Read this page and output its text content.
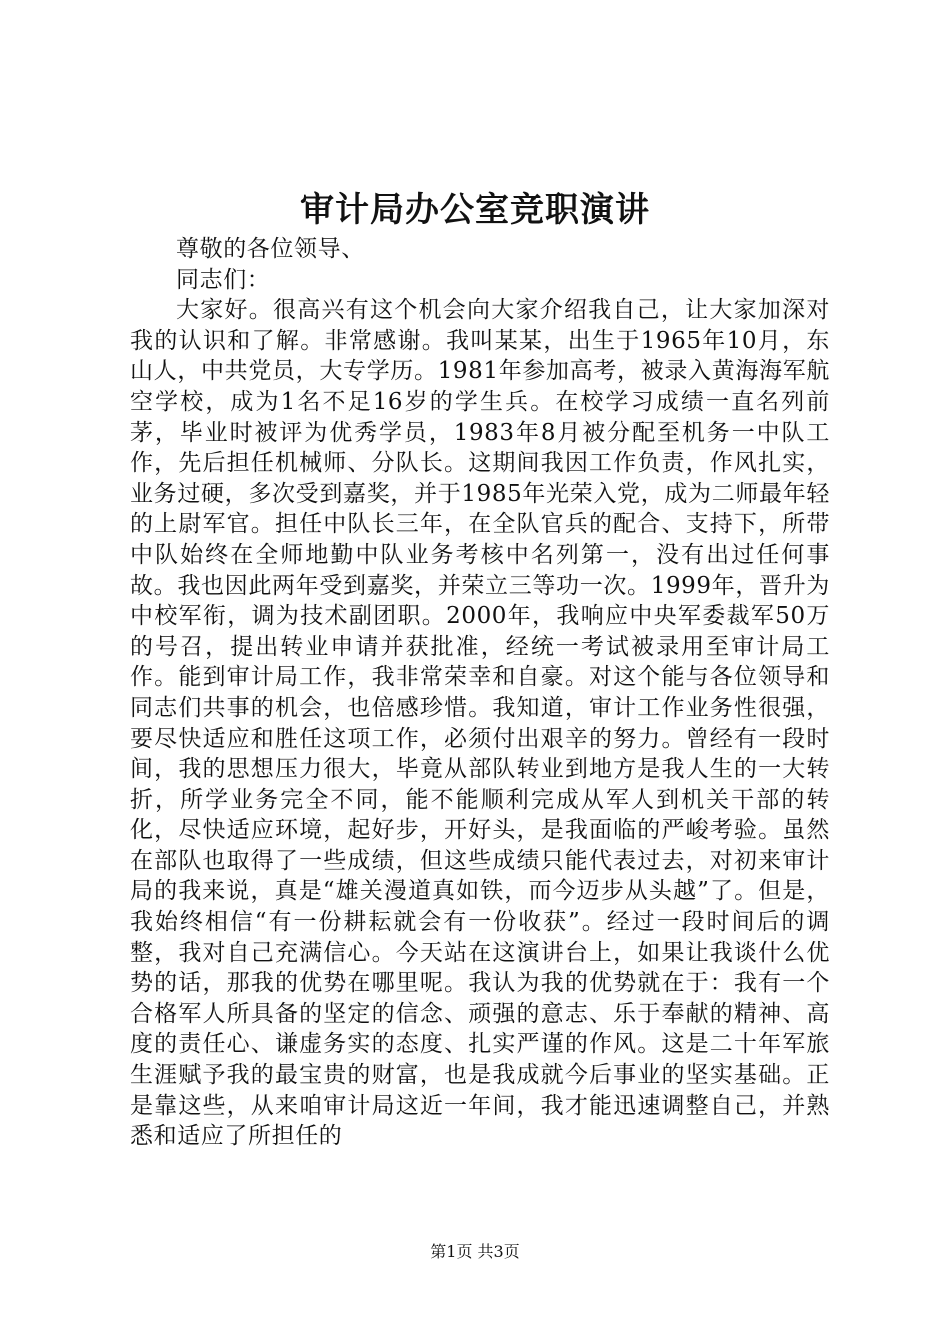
审计局办公室竞职演讲

尊敬的各位领导、

同志们：

大家好。很高兴有这个机会向大家介绍我自己，让大家加深对我的认识和了解。非常感谢。我叫某某，出生于1965年10月，东山人，中共党员，大专学历。1981年参加高考，被录入黄海海军航空学校，成为1名不足16岁的学生兵。在校学习成绩一直名列前茅，毕业时被评为优秀学员，1983年8月被分配至机务一中队工作，先后担任机械师、分队长。这期间我因工作负责，作风扎实，业务过硬，多次受到嘉奖，并于1985年光荣入党，成为二师最年轻的上尉军官。担任中队长三年，在全队官兵的配合、支持下，所带中队始终在全师地勤中队业务考核中名列第一，没有出过任何事故。我也因此两年受到嘉奖，并荣立三等功一次。1999年，晋升为中校军衔，调为技术副团职。2000年，我响应中央军委裁军50万的号召，提出转业申请并获批准，经统一考试被录用至审计局工作。能到审计局工作，我非常荣幸和自豪。对这个能与各位领导和同志们共事的机会，也倍感珍惜。我知道，审计工作业务性很强，要尽快适应和胜任这项工作，必须付出艰辛的努力。曾经有一段时间，我的思想压力很大，毕竟从部队转业到地方是我人生的一大转折，所学业务完全不同，能不能顺利完成从军人到机关干部的转化，尽快适应环境，起好步，开好头，是我面临的严峻考验。虽然在部队也取得了一些成绩，但这些成绩只能代表过去，对初来审计局的我来说，真是“雄关漫道真如铁，而今迈步从头越”了。但是，我始终相信“有一份耕耘就会有一份收获”。经过一段时间后的调整，我对自己充满信心。今天站在这演讲台上，如果让我谈什么优势的话，那我的优势在哪里呢。我认为我的优势就在于：我有一个合格军人所具备的坚定的信念、顽强的意志、乐于奉献的精神、高度的责任心、谦虚务实的态度、扎实严谨的作风。这是二十年军旅生涯赋予我的最宝贵的财富，也是我成就今后事业的坚实基础。正是靠这些，从来咱审计局这近一年间，我才能迅速调整自己，并熟悉和适应了所担任的

第1页 共3页
